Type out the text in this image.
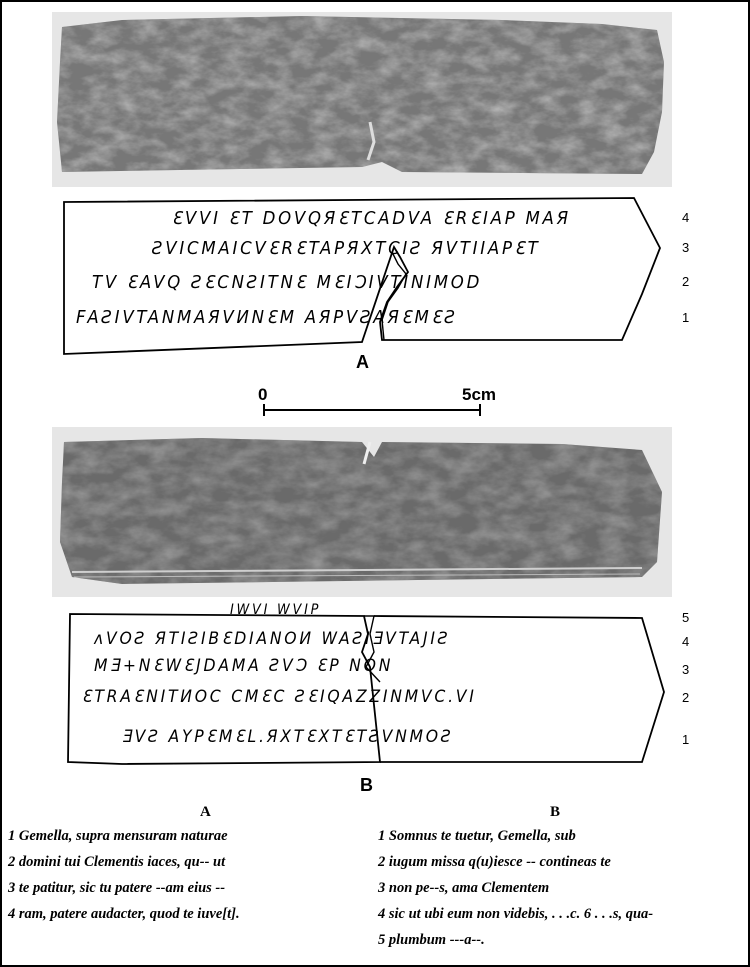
0	5cm
ƐVVI ƐT DOVQЯƐTCADVA ƐRƐIAP MAЯ
ƧVICMAICVƐRƐTAPЯXTCIƧ ЯVTIIAPƐT
TV ƐAVQ ƧƐCNƧITNƐ MƐIƆIVTINIMOD
FAƧIVTANMAЯVИNƐM AЯPVƧAЯƐMƐƧ
4
3
2
1
A
IWVI WVIP
ʌVOƧ ЯTIƧIBƐDIANOИ WAƧIƎVTAJIƧ
MƎ+NƐWƐJDAMA ƧVƆ ƐP NON
ƐTRAƐNITИOC CMƐC ƧƐIQAZZINMVC.VI
ƎVƧ AYPƐMƐL.ЯXTƐXTƐTƧVNMOƧ
5
4
3
2
1
B
A	B
1 Gemella, supra mensuram naturae
2 domini tui Clementis iaces, qu-- ut
3 te patitur, sic tu patere --am eius --
4 ram, patere audacter, quod te iuve[t].
1 Somnus te tuetur, Gemella, sub
2 iugum missa q(u)iesce -- contineas te
3 non pe--s, ama Clementem
4 sic ut ubi eum non videbis, . . .c. 6 . . .s, qua-
5 plumbum ---a--.
